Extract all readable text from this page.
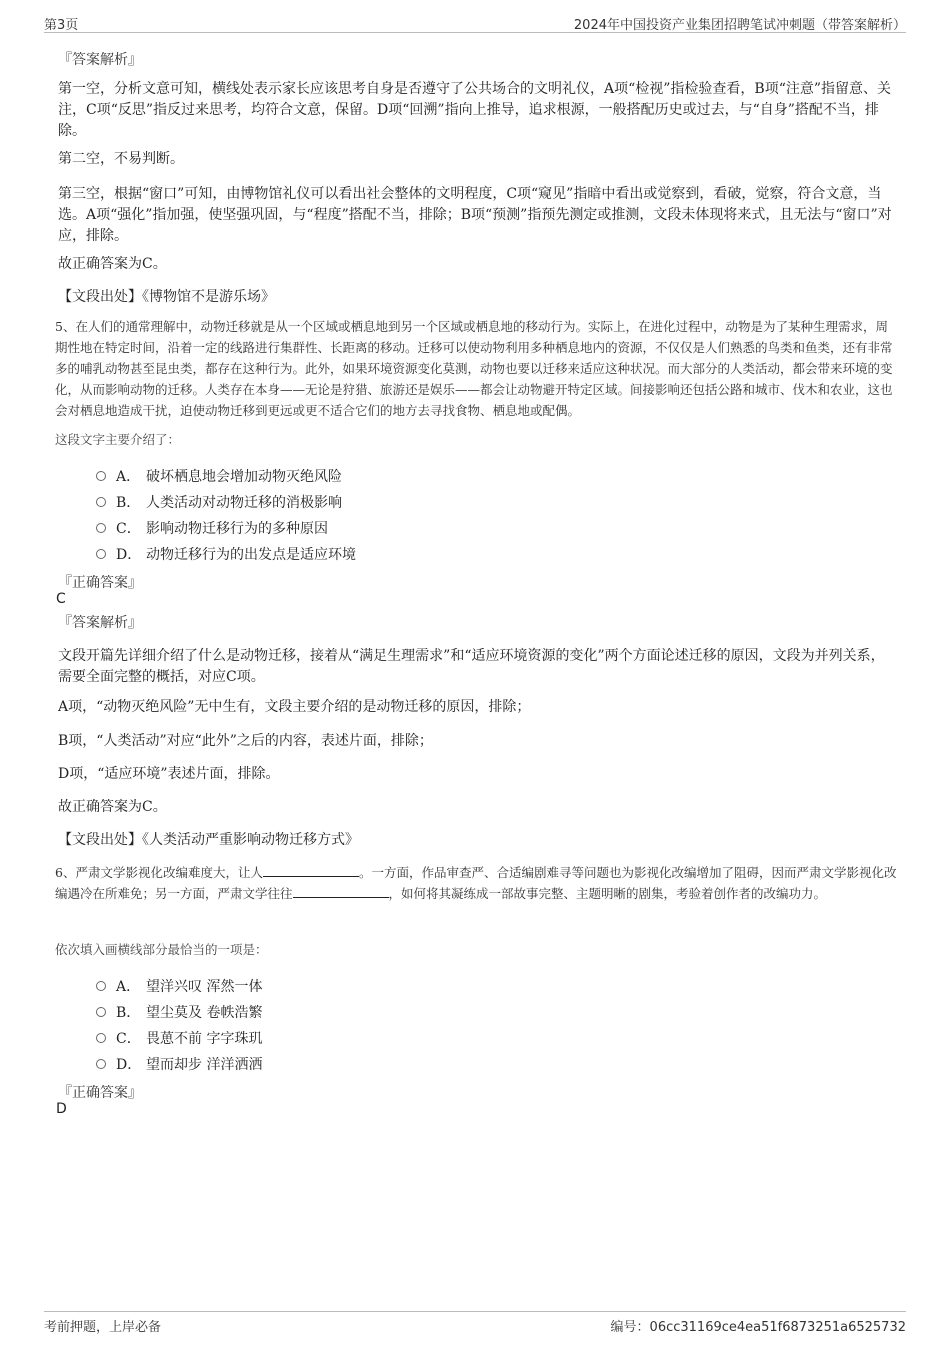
第3页	2024年中国投资产业集团招聘笔试冲刺题（带答案解析）
『答案解析』
第一空，分析文意可知，横线处表示家长应该思考自身是否遵守了公共场合的文明礼仪，A项“检视”指检验查看，B项“注意”指留意、关注，C项“反思”指反过来思考，均符合文意，保留。D项“回溯”指向上推导，追求根源，一般搭配历史或过去，与“自身”搭配不当，排除。
第二空，不易判断。
第三空，根据“窗口”可知，由博物馆礼仪可以看出社会整体的文明程度，C项“窥见”指暗中看出或觉察到，看破，觉察，符合文意，当选。A项“强化”指加强，使坚强巩固，与“程度”搭配不当，排除；B项“预测”指预先测定或推测，文段未体现将来式，且无法与“窗口”对应，排除。
故正确答案为C。
【文段出处】《博物馆不是游乐场》
5、在人们的通常理解中，动物迁移就是从一个区域或栖息地到另一个区域或栖息地的移动行为。实际上，在进化过程中，动物是为了某种生理需求，周期性地在特定时间，沿着一定的线路进行集群性、长距离的移动。迁移可以使动物利用多种栖息地内的资源，不仅仅是人们熟悉的鸟类和鱼类，还有非常多的哺乳动物甚至昆虫类，都存在这种行为。此外，如果环境资源变化莫测，动物也要以迁移来适应这种状况。而大部分的人类活动，都会带来环境的变化，从而影响动物的迁移。人类存在本身——无论是狩猎、旅游还是娱乐——都会让动物避开特定区域。间接影响还包括公路和城市、伐木和农业，这也会对栖息地造成干扰，迫使动物迁移到更远或更不适合它们的地方去寻找食物、栖息地或配偶。
这段文字主要介绍了：
A． 破坏栖息地会增加动物灭绝风险
B． 人类活动对动物迁移的消极影响
C． 影响动物迁移行为的多种原因
D． 动物迁移行为的出发点是适应环境
『正确答案』
C
『答案解析』
文段开篇先详细介绍了什么是动物迁移，接着从“满足生理需求”和“适应环境资源的变化”两个方面论述迁移的原因，文段为并列关系，需要全面完整的概括，对应C项。
A项，“动物灭绝风险”无中生有，文段主要介绍的是动物迁移的原因，排除；
B项，“人类活动”对应“此外”之后的内容，表述片面，排除；
D项，“适应环境”表述片面，排除。
故正确答案为C。
【文段出处】《人类活动严重影响动物迁移方式》
6、严肃文学影视化改编难度大，让人	。一方面，作品审查严、合适编剧难寻等问题也为影视化改编增加了阻碍，因而严肃文学影视化改编遇冷在所难免；另一方面，严肃文学往往	，如何将其凝练成一部故事完整、主题明晰的剧集，考验着创作者的改编功力。
依次填入画横线部分最恰当的一项是：
A． 望洋兴叹 浑然一体
B． 望尘莫及 卷帙浩繁
C． 畏葸不前 字字珠玑
D． 望而却步 洋洋洒洒
『正确答案』
D
考前押题，上岸必备	编号：06cc31169ce4ea51f6873251a6525732
